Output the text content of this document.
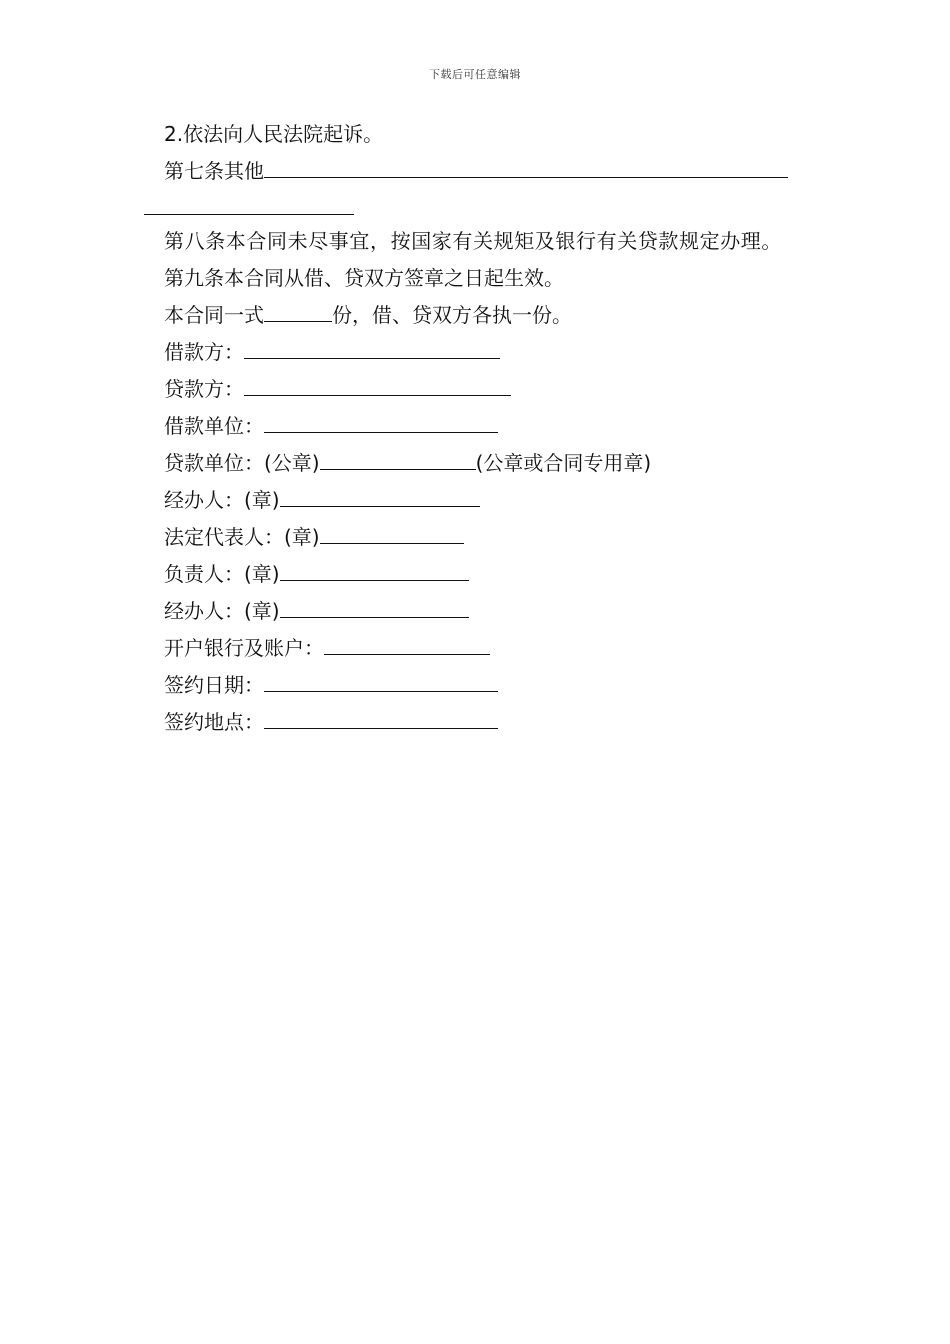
下载后可任意编辑
2.依法向人民法院起诉。
第七条其他
第八条本合同未尽事宜，按国家有关规矩及银行有关贷款规定办理。
第九条本合同从借、贷双方签章之日起生效。
本合同一式	份，借、贷双方各执一份。
借款方：
贷款方：
借款单位：
贷款单位：(公章)	(公章或合同专用章)
经办人：(章)
法定代表人：(章)
负责人：(章)
经办人：(章)
开户银行及账户：
签约日期：
签约地点：
